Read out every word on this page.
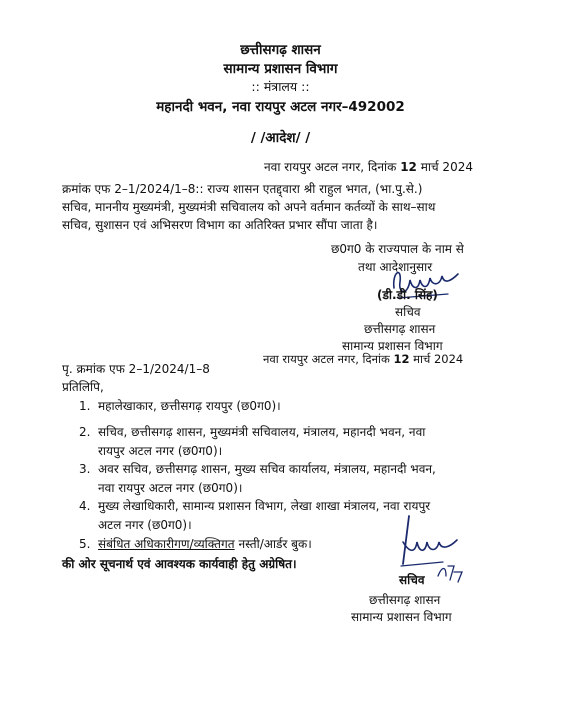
छत्तीसगढ़ शासन
सामान्य प्रशासन विभाग
:: मंत्रालय ::
महानदी भवन, नवा रायपुर अटल नगर–492002
/ /आदेश/ /
नवा रायपुर अटल नगर, दिनांक 12 मार्च 2024
क्रमांक एफ 2–1/2024/1–8:: राज्य शासन एतद्द्वारा श्री राहुल भगत, (भा.पु.से.)
सचिव, माननीय मुख्यमंत्री, मुख्यमंत्री सचिवालय को अपने वर्तमान कर्तव्यों के साथ–साथ
सचिव, सुशासन एवं अभिसरण विभाग का अतिरिक्त प्रभार सौंपा जाता है।
छ0ग0 के राज्यपाल के नाम से
तथा आदेशानुसार
(डी.डी. सिंह)
सचिव
छत्तीसगढ़ शासन
सामान्य प्रशासन विभाग
पृ. क्रमांक एफ 2–1/2024/1–8
नवा रायपुर अटल नगर, दिनांक 12 मार्च 2024
प्रतिलिपि,
1. महालेखाकार, छत्तीसगढ़ रायपुर (छ0ग0)।
2. सचिव, छत्तीसगढ़ शासन, मुख्यमंत्री सचिवालय, मंत्रालय, महानदी भवन, नवा
रायपुर अटल नगर (छ0ग0)।
3. अवर सचिव, छत्तीसगढ़ शासन, मुख्य सचिव कार्यालय, मंत्रालय, महानदी भवन,
नवा रायपुर अटल नगर (छ0ग0)।
4. मुख्य लेखाधिकारी, सामान्य प्रशासन विभाग, लेखा शाखा मंत्रालय, नवा रायपुर
अटल नगर (छ0ग0)।
5. संबंधित अधिकारीगण/व्यक्तिगत नस्ती/आर्डर बुक।
की ओर सूचनार्थ एवं आवश्यक कार्यवाही हेतु अग्रेषित।
सचिव
छत्तीसगढ़ शासन
सामान्य प्रशासन विभाग
